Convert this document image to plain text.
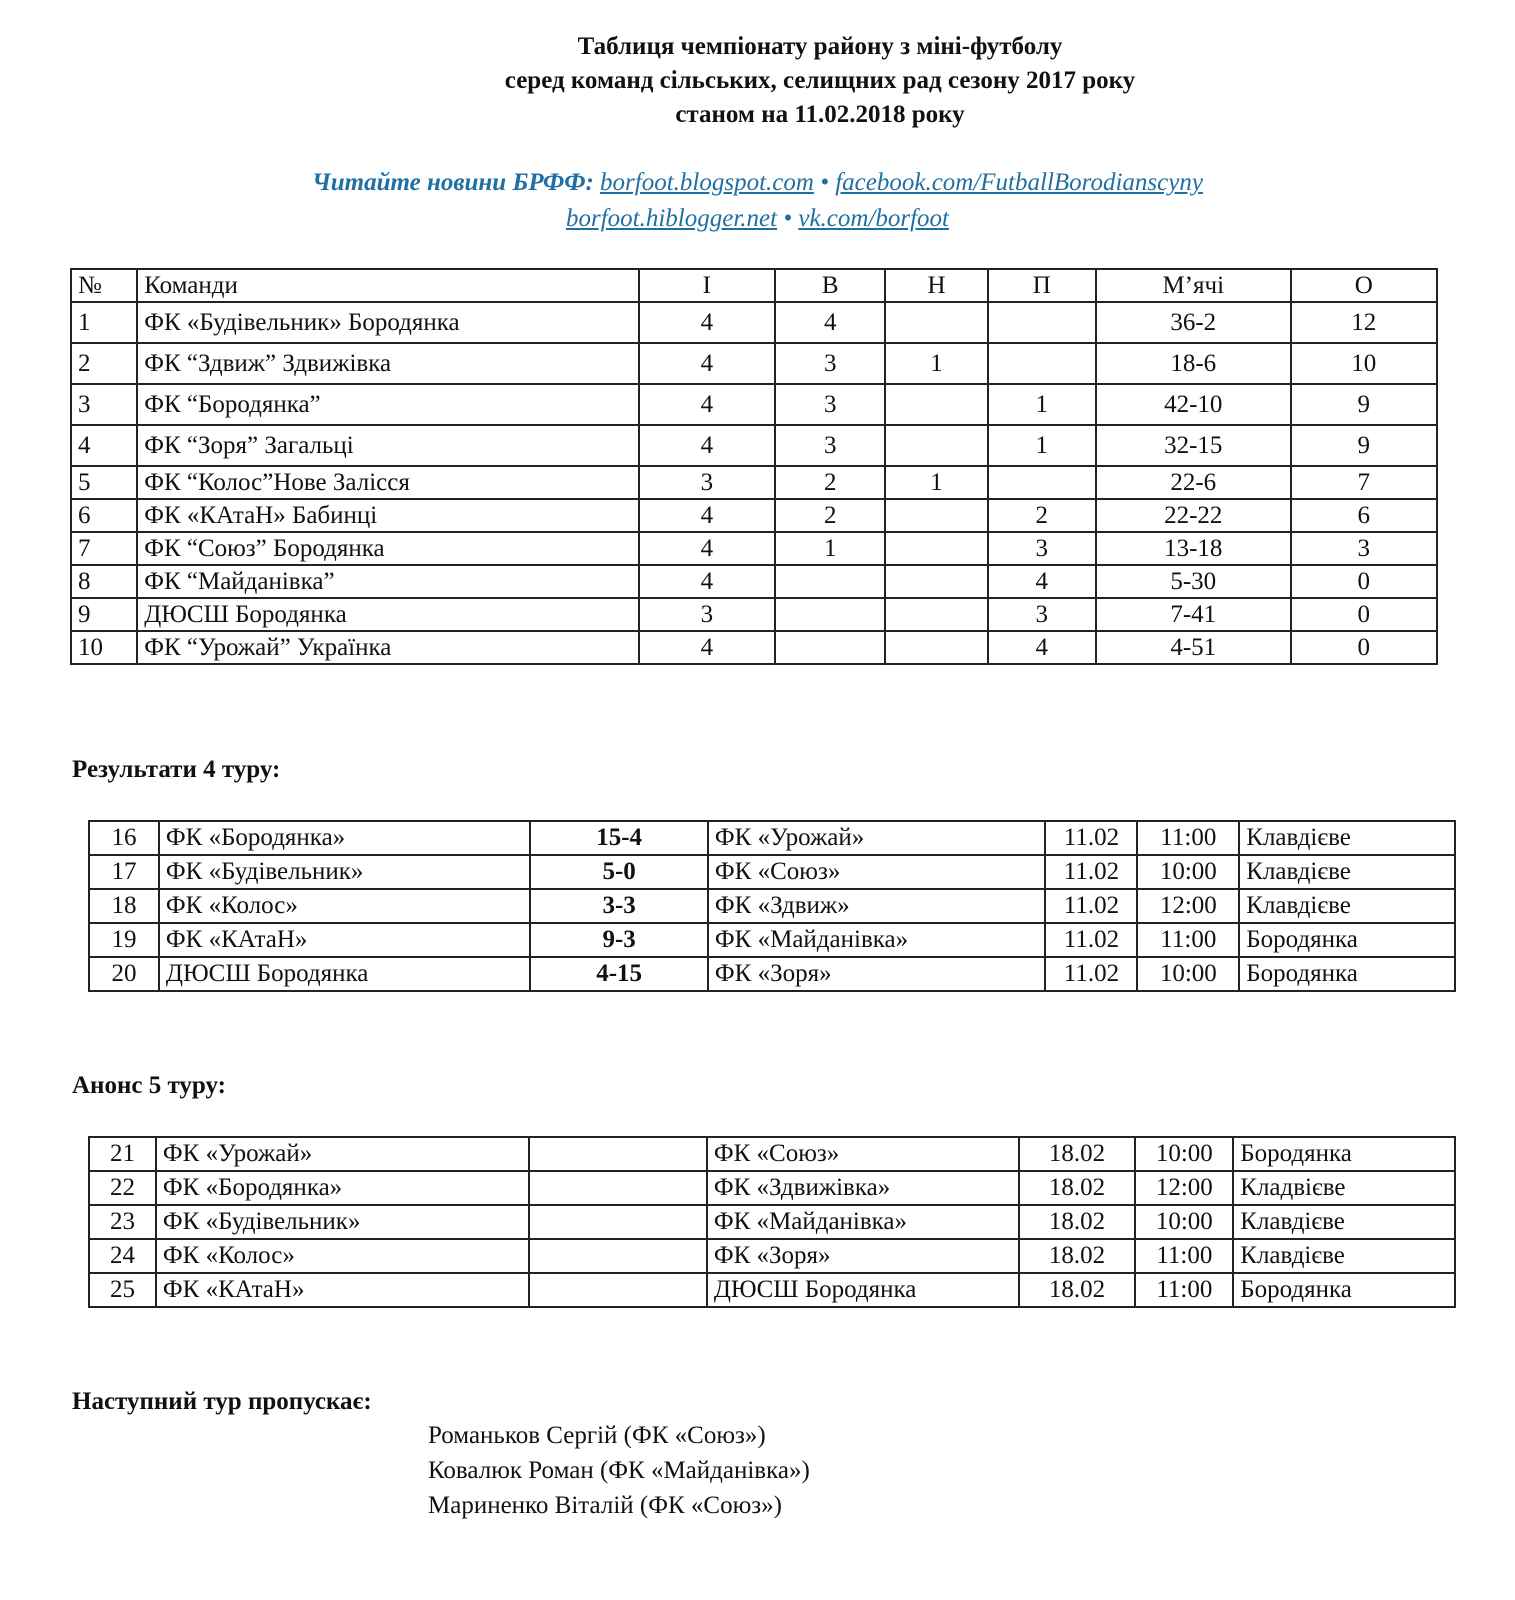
Таблиця чемпіонату району з міні-футболу
серед команд сільських, селищних рад сезону 2017 року
станом на 11.02.2018 року
Читайте новини БРФФ: borfoot.blogspot.com • facebook.com/FutballBorodianscyny
borfoot.hiblogger.net • vk.com/borfoot
№	Команди	І	В	Н	П	М’ячі	О
1	ФК «Будівельник» Бородянка	4	4			36-2	12
2	ФК “Здвиж” Здвижівка	4	3	1		18-6	10
3	ФК “Бородянка”	4	3		1	42-10	9
4	ФК “Зоря” Загальці	4	3		1	32-15	9
5	ФК “Колос”Нове Залісся	3	2	1		22-6	7
6	ФК «КАтаН» Бабинці	4	2		2	22-22	6
7	ФК “Союз” Бородянка	4	1		3	13-18	3
8	ФК “Майданівка”	4			4	5-30	0
9	ДЮСШ Бородянка	3			3	7-41	0
10	ФК “Урожай” Українка	4			4	4-51	0
Результати 4 туру:
16	ФК «Бородянка»	15-4	ФК «Урожай»	11.02	11:00	Клавдієве
17	ФК «Будівельник»	5-0	ФК «Союз»	11.02	10:00	Клавдієве
18	ФК «Колос»	3-3	ФК «Здвиж»	11.02	12:00	Клавдієве
19	ФК «КАтаН»	9-3	ФК «Майданівка»	11.02	11:00	Бородянка
20	ДЮСШ Бородянка	4-15	ФК «Зоря»	11.02	10:00	Бородянка
Анонс 5 туру:
21	ФК «Урожай»		ФК «Союз»	18.02	10:00	Бородянка
22	ФК «Бородянка»		ФК «Здвижівка»	18.02	12:00	Кладвієве
23	ФК «Будівельник»		ФК «Майданівка»	18.02	10:00	Клавдієве
24	ФК «Колос»		ФК «Зоря»	18.02	11:00	Клавдієве
25	ФК «КАтаН»		ДЮСШ Бородянка	18.02	11:00	Бородянка
Наступний тур пропускає:
Романьков Сергій (ФК «Союз»)
Ковалюк Роман (ФК «Майданівка»)
Мариненко Віталій (ФК «Союз»)
